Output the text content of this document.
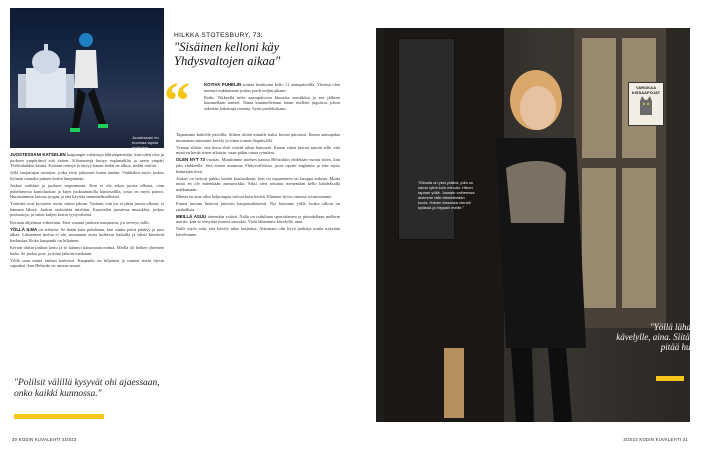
Juostessani en huomaa lapsia kolahdun..

JUOSTESSANI KATSELEN kaupungin valaistuja lähiympäristöjä, kun tulen ulos ja juoksen ympäriinsä sitä varten. Kilometrejä kertyy esplanadilta ja usein ympäri Töölönlahden kautta. Kertaan reittejä ja täytyy kauan tiedät ne ulkoa, tiedän reittini.

Jyllä suojattujen rantojen, jotka eivät jäätyneet kuten tänään. Vaikkakin myös joskus kylmän rannalta pääsen kotiin lämpimään.

Joskus vaihdan ja juoksen nopeammin. Kun ei ole aikaa juosta ulkona, otan puhelimessa kuntoluokan ja käyn juoksumatolla kuntosalilla, jossa on myös painot. Harrastamme kotona joogaa ja tätä käyttää suunnitelmallisesti.

Ystäväni ovat kysyneet usein, miten jaksan. Vastaan, että jos ei jaksa juosta ulkona, ei kannata lähteä. Juoksu rauhoittaa mieltäni. Kuuntelen juostessa musiikkia, joskus podcasteja, ja sitten kuljen kotiin tyytyväisenä.

Kertaan ohjelmaa viikoittain. Ensi vuonna juoksen maratonin, jos terveys sallii.

YÖLLÄ ILMA on erilaista. Se ikään kuin puhdistuu, kun vanha päivä päättyy ja uusi alkaa. Liikenteen melua ei ole, muutamat autot kulkevat kaduilla ja taksit kiertävät keskustaa. Koko kaupunki on hiljainen.

Kerran ohitin jonkun kettu ja se kääntyi katsomaan minua. Meillä oli hetken yhteinen hetki. Se juoksi pois, ja minä jatkoin matkaani.

Yöllä saan mutta rauhan kaikessa. Kaupunki on hiljainen ja tunnen itseni täysin vapaaksi, kun Helsinki on minun omani.

"Polilsit välillä kysyvät ohi ajaessaan, onko kaikki kunnossa."
HILKKA STOTESBURY, 73:
"Sisäinen kelloni käy Yhdysvaltojen aikaa"
“	KOTIVA PUHELIN soittaa herättyäni kello 11 aamupäivällä. Yleensä olen mennyt nukkumaan joskus puoli neljän aikaan.

Radio Vikkeellä tulee aamupäivisin klassista musiikkia ja sen jälkeen kuunnellaan uutiset. Nämä kuunnellessani laitan itselleni jugurttia, johon sekoitan leikattuja omenia. Syön puoleksikaan.

Tapaamme kahville päivällä. Siihen riittää minulle kaksi kertaa päivässä. Ennen aamupalaa muutaman minuutin kävely ja sitten toinen iltapäivällä.

Venaan silloin, että kissa ehtii viettää aikaa kanssani. Kauan sitten kerran sanoin sille, että minä en herää sitten aikaisin, vaan pidän omaa rytmiäni.

OLEN NYT 73 vuotias. Muuttimme miehen kanssa Helsinkiin yhdeksän vuotta sitten, kun jäin eläkkeelle. Sitä ennen asuimme Yhdysvalloissa, jossa opetin englantia ja tein myös kääntäjän töitä.

Joskus on tietysti pakko herätä kouluaikaan, kun on tapaaminen tai kauppa aukeaa. Mutta minä en ole mitenkään aamuvirkku. Siksi olen tottunut menemään kello kahdeksalla nukkumaan.

Minun on aina ollut helpompaa valvoa kuin herätä. Elämme hyvin omassa rytmissämme.

Ennen korona hoitivat päivisin kaupassakäynnit. Nyt käymme yöllä, koska silloin on rauhallista.

MEILLÄ ASUU toinenkin ystävä. Nalle on rodultaan siperialainen ja pituudeltaan melkein metrin, kun se venyttää itsensä suoraksi. Vielä lähtemme kävelylle, aina.

Nalle myös siitä, että kävely tulee kuljettua. Aikoinani olin hyvä juoksija mutta nykyään kävelemme.

30 KODIN KUVALEHTI 3/2023
VAROKAA KISSAAPOJAT
"Minulla on yksi ystävä, jolla on sama rytmi kuin minulla. Hänet tapaan yöllä. Jossain vaiheessa aloimme tälle lähettämään kuvia. Hänen kissansa vieraili kylässä ja hiippaili meille."
"Yöllä lähdemme kävelylle, aina. Siitä Nallu pitää huolen."
3/2023 KODIN KUVALEHTI 31
